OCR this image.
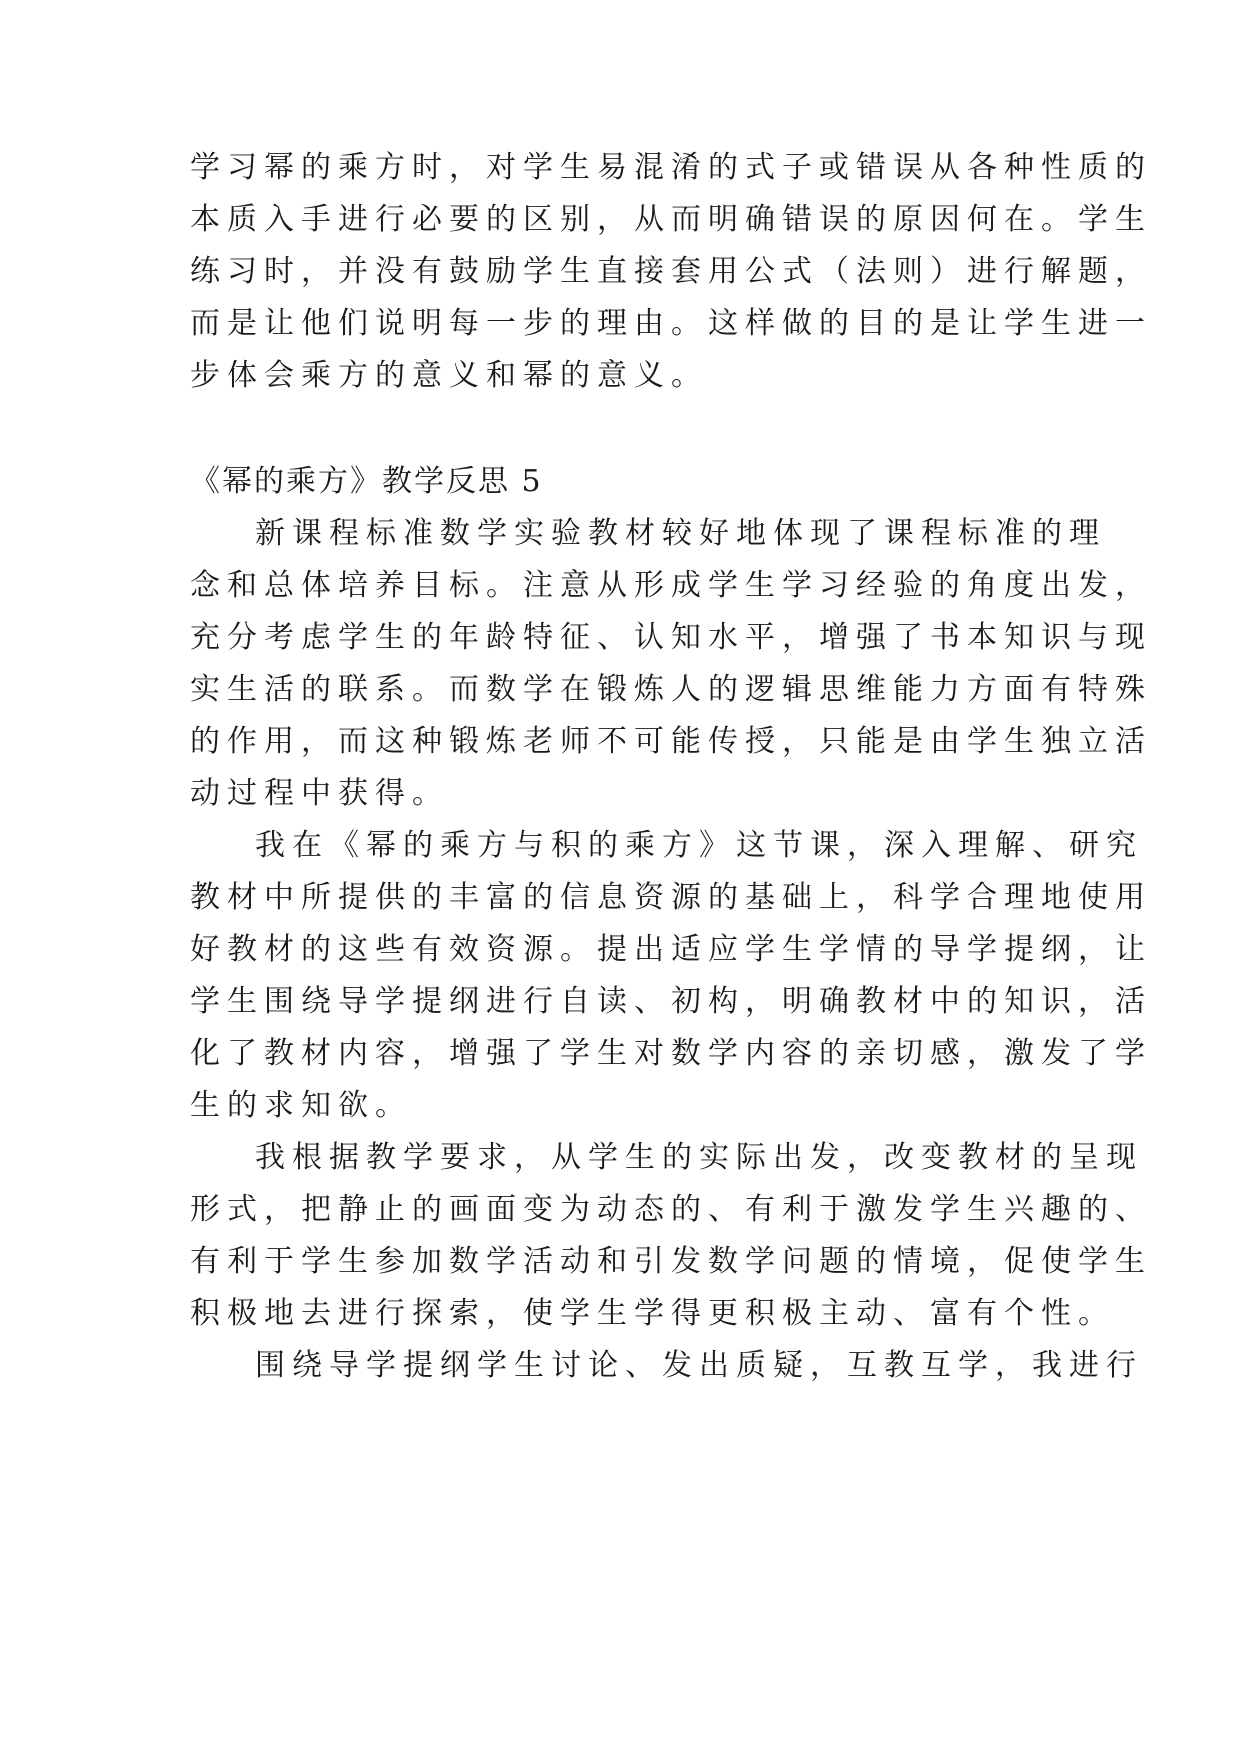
学习幂的乘方时，对学生易混淆的式子或错误从各种性质的
本质入手进行必要的区别，从而明确错误的原因何在。学生
练习时，并没有鼓励学生直接套用公式（法则）进行解题，
而是让他们说明每一步的理由。这样做的目的是让学生进一
步体会乘方的意义和幂的意义。
《幂的乘方》教学反思 5
新课程标准数学实验教材较好地体现了课程标准的理
念和总体培养目标。注意从形成学生学习经验的角度出发，
充分考虑学生的年龄特征、认知水平，增强了书本知识与现
实生活的联系。而数学在锻炼人的逻辑思维能力方面有特殊
的作用，而这种锻炼老师不可能传授，只能是由学生独立活
动过程中获得。
我在《幂的乘方与积的乘方》这节课，深入理解、研究
教材中所提供的丰富的信息资源的基础上，科学合理地使用
好教材的这些有效资源。提出适应学生学情的导学提纲，让
学生围绕导学提纲进行自读、初构，明确教材中的知识，活
化了教材内容，增强了学生对数学内容的亲切感，激发了学
生的求知欲。
我根据教学要求，从学生的实际出发，改变教材的呈现
形式，把静止的画面变为动态的、有利于激发学生兴趣的、
有利于学生参加数学活动和引发数学问题的情境，促使学生
积极地去进行探索，使学生学得更积极主动、富有个性。
围绕导学提纲学生讨论、发出质疑，互教互学，我进行
